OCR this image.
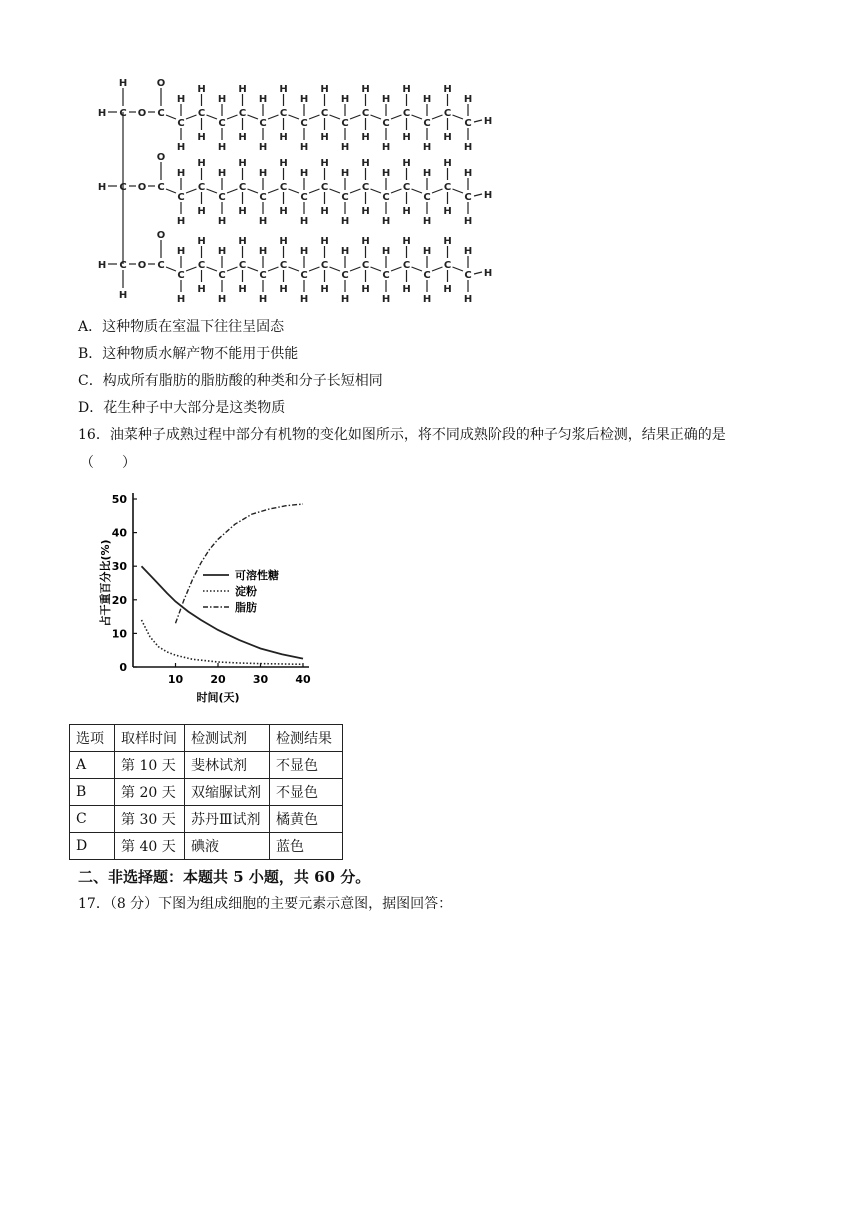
H C O C
O
H
C
H
H
C
H
H
C
H
H
C
H
H
C
H
H
C
H
H
C
H
H
C
H
H
C
H
H
C
H
H
C
H
H
C
H
H
C
H
H
C
H
H
C
H
H
H
H C O C
O
C
H
H
C
H
H
C
H
H
C
H
H
C
H
H
C
H
H
C
H
H
C
H
H
C
H
H
C
H
H
C
H
H
C
H
H
C
H
H
C
H
H
C
H
H
H
H C O C
O
H
C
H
H
C
H
H
C
H
H
C
H
H
C
H
H
C
H
H
C
H
H
C
H
H
C
H
H
C
H
H
C
H
H
C
H
H
C
H
H
C
H
H
C
H
H
H
A．这种物质在室温下往往呈固态
B．这种物质水解产物不能用于供能
C．构成所有脂肪的脂肪酸的种类和分子长短相同
D．花生种子中大部分是这类物质
16．油菜种子成熟过程中部分有机物的变化如图所示，将不同成熟阶段的种子匀浆后检测，结果正确的是
（　　）
0
10
20
30
40
50
10 20 30 40
时间(天)
占干重百分比(%)	可溶性糖
淀粉
脂肪
选项	取样时间	检测试剂	检测结果
A	第 10 天	斐林试剂	不显色
B	第 20 天	双缩脲试剂	不显色
C	第 30 天	苏丹Ⅲ试剂	橘黄色
D	第 40 天	碘液	蓝色
二、非选择题：本题共 5 小题，共 60 分。
17．（8 分）下图为组成细胞的主要元素示意图，据图回答：
